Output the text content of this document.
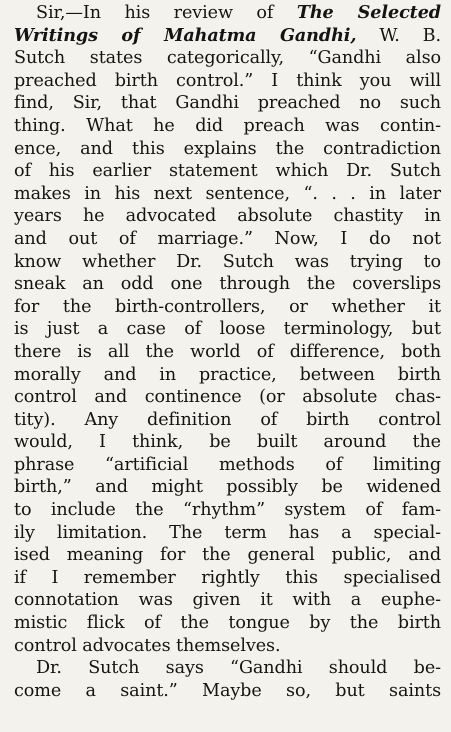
Sir,—In his review of The Selected
Writings of Mahatma Gandhi, W. B.
Sutch states categorically, “Gandhi also
preached birth control.” I think you will
find, Sir, that Gandhi preached no such
thing. What he did preach was contin-
ence, and this explains the contradiction
of his earlier statement which Dr. Sutch
makes in his next sentence, “. . . in later
years he advocated absolute chastity in
and out of marriage.” Now, I do not
know whether Dr. Sutch was trying to
sneak an odd one through the coverslips
for the birth-controllers, or whether it
is just a case of loose terminology, but
there is all the world of difference, both
morally and in practice, between birth
control and continence (or absolute chas-
tity). Any definition of birth control
would, I think, be built around the
phrase “artificial methods of limiting
birth,” and might possibly be widened
to include the “rhythm” system of fam-
ily limitation. The term has a special-
ised meaning for the general public, and
if I remember rightly this specialised
connotation was given it with a euphe-
mistic flick of the tongue by the birth
control advocates themselves.
Dr. Sutch says “Gandhi should be-
come a saint.” Maybe so, but saints
